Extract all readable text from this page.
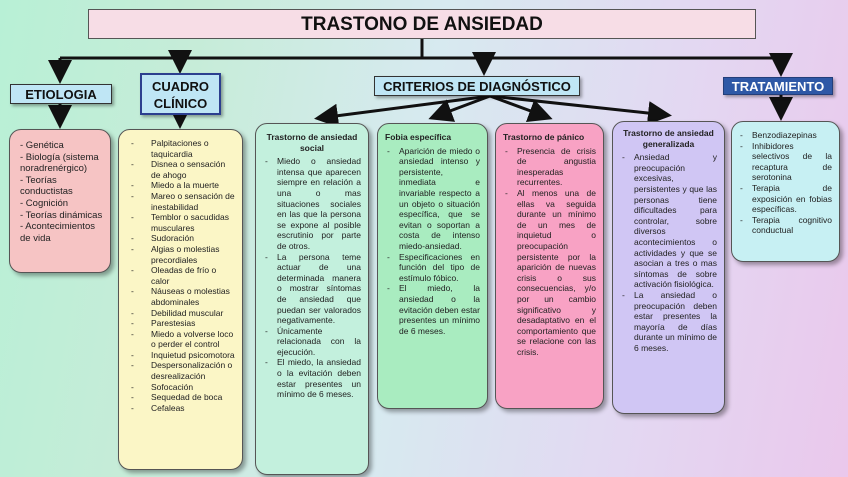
TRASTONO DE ANSIEDAD
ETIOLOGIA
CUADRO CLÍNICO
CRITERIOS DE DIAGNÓSTICO	TRATAMIENTO
- Genética
- Biología (sistema noradrenérgico)
- Teorías conductistas
- Cognición
- Teorías dinámicas
- Acontecimientos de vida
- Palpitaciones o taquicardia
- Disnea o sensación de ahogo
- Miedo a la muerte
- Mareo o sensación de inestabilidad
- Temblor o sacudidas musculares
- Sudoración
- Algias o molestias precordiales
- Oleadas de frío o calor
- Náuseas o molestias abdominales
- Debilidad muscular
- Parestesias
- Miedo a volverse loco o perder el control
- Inquietud psicomotora
- Despersonalización o desrealización
- Sofocación
- Sequedad de boca
- Cefaleas
Trastorno de ansiedad social
- Miedo o ansiedad intensa que aparecen siempre en relación a una o mas situaciones sociales en las que la persona se expone al posible escrutinio por parte de otros.
- La persona teme actuar de una determinada manera o mostrar síntomas de ansiedad que puedan ser valorados negativamente.
- Únicamente relacionada con la ejecución.
- El miedo, la ansiedad o la evitación deben estar presentes un mínimo de 6 meses.
Fobia específica
- Aparición de miedo o ansiedad intenso y persistente, inmediata e invariable respecto a un objeto o situación específica, que se evitan o soportan a costa de intenso miedo-ansiedad.
- Especificaciones en función del tipo de estímulo fóbico.
- El miedo, la ansiedad o la evitación deben estar presentes un mínimo de 6 meses.
Trastorno de pánico
- Presencia de crisis de angustia inesperadas recurrentes.
- Al menos una de ellas va seguida durante un mínimo de un mes de inquietud o preocupación persistente por la aparición de nuevas crisis o sus consecuencias, y/o por un cambio significativo y desadaptativo en el comportamiento que se relacione con las crisis.
Trastorno de ansiedad generalizada
- Ansiedad y preocupación excesivas, persistentes y que las personas tiene dificultades para controlar, sobre diversos acontecimientos o actividades y que se asocian a tres o mas síntomas de sobre activación fisiológica.
- La ansiedad o preocupación deben estar presentes la mayoría de días durante un mínimo de 6 meses.
- Benzodiazepinas
- Inhibidores selectivos de la recaptura de serotonina
- Terapia de exposición en fobias específicas.
- Terapia cognitivo conductual
